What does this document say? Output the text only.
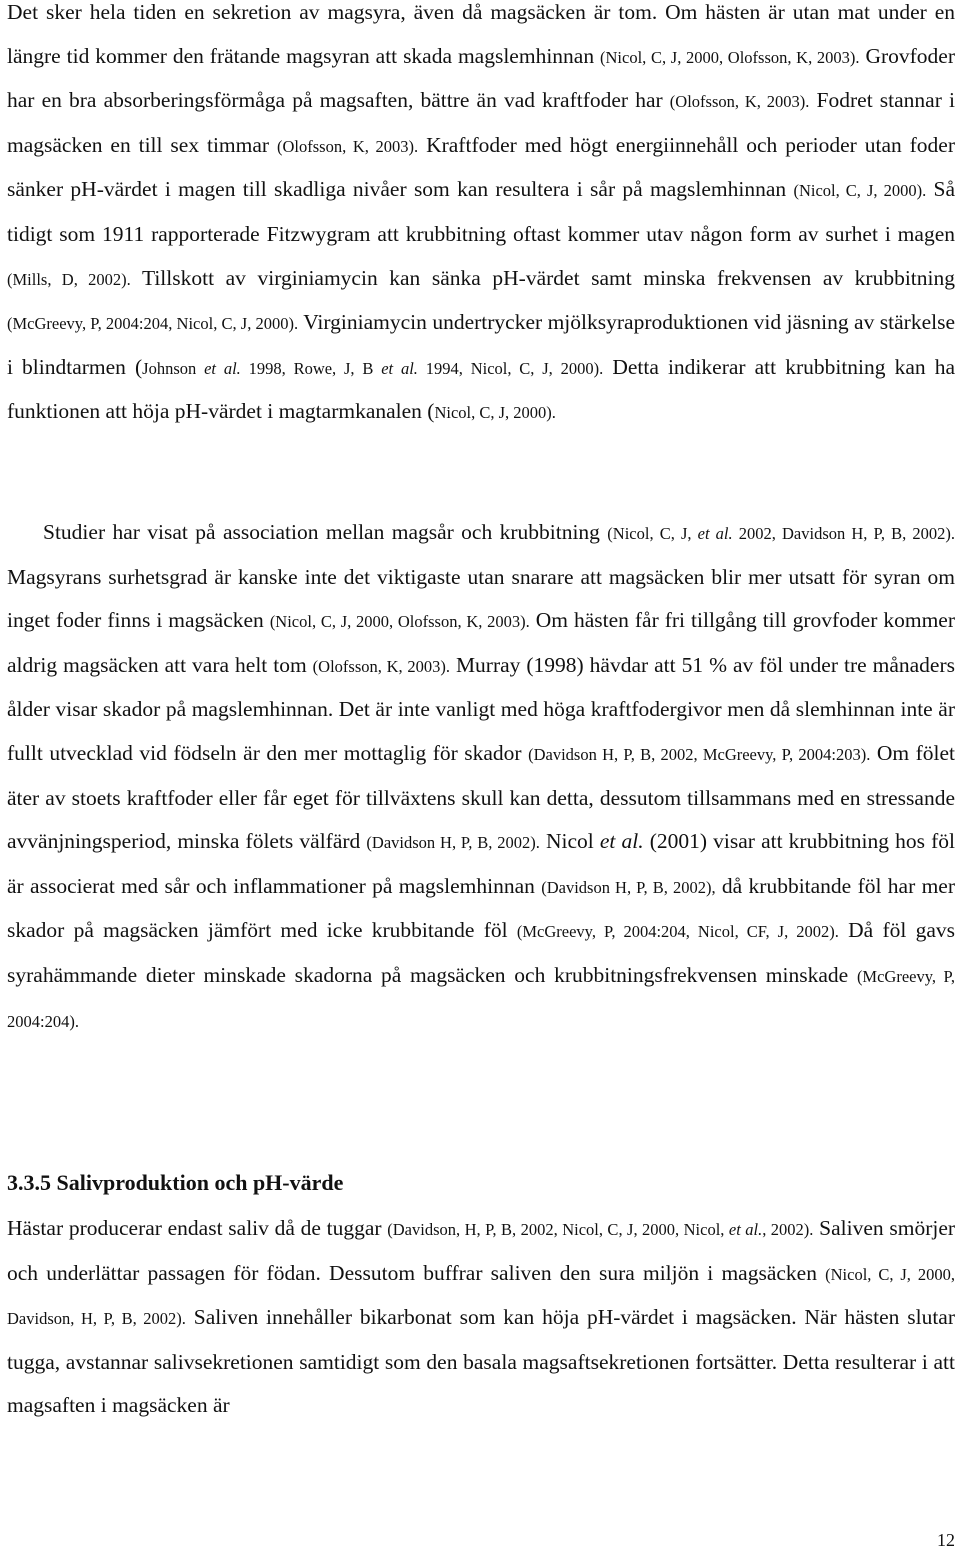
Det sker hela tiden en sekretion av magsyra, även då magsäcken är tom. Om hästen är utan mat under en längre tid kommer den frätande magsyran att skada magslemhinnan (Nicol, C, J, 2000, Olofsson, K, 2003). Grovfoder har en bra absorberingsförmåga på magsaften, bättre än vad kraftfoder har (Olofsson, K, 2003). Fodret stannar i magsäcken en till sex timmar (Olofsson, K, 2003). Kraftfoder med högt energiinnehåll och perioder utan foder sänker pH-värdet i magen till skadliga nivåer som kan resultera i sår på magslemhinnan (Nicol, C, J, 2000). Så tidigt som 1911 rapporterade Fitzwygram att krubbitning oftast kommer utav någon form av surhet i magen (Mills, D, 2002). Tillskott av virginiamycin kan sänka pH-värdet samt minska frekvensen av krubbitning (McGreevy, P, 2004:204, Nicol, C, J, 2000). Virginiamycin undertrycker mjölksyraproduktionen vid jäsning av stärkelse i blindtarmen (Johnson et al. 1998, Rowe, J, B et al. 1994, Nicol, C, J, 2000). Detta indikerar att krubbitning kan ha funktionen att höja pH-värdet i magtarmkanalen (Nicol, C, J, 2000).

Studier har visat på association mellan magsår och krubbitning (Nicol, C, J, et al. 2002, Davidson H, P, B, 2002). Magsyrans surhetsgrad är kanske inte det viktigaste utan snarare att magsäcken blir mer utsatt för syran om inget foder finns i magsäcken (Nicol, C, J, 2000, Olofsson, K, 2003). Om hästen får fri tillgång till grovfoder kommer aldrig magsäcken att vara helt tom (Olofsson, K, 2003). Murray (1998) hävdar att 51 % av föl under tre månaders ålder visar skador på magslemhinnan. Det är inte vanligt med höga kraftfodergivor men då slemhinnan inte är fullt utvecklad vid födseln är den mer mottaglig för skador (Davidson H, P, B, 2002, McGreevy, P, 2004:203). Om fölet äter av stoets kraftfoder eller får eget för tillväxtens skull kan detta, dessutom tillsammans med en stressande avvänjningsperiod, minska fölets välfärd (Davidson H, P, B, 2002). Nicol et al. (2001) visar att krubbitning hos föl är associerat med sår och inflammationer på magslemhinnan (Davidson H, P, B, 2002), då krubbitande föl har mer skador på magsäcken jämfört med icke krubbitande föl (McGreevy, P, 2004:204, Nicol, CF, J, 2002). Då föl gavs syrahämmande dieter minskade skadorna på magsäcken och krubbitningsfrekvensen minskade (McGreevy, P, 2004:204).

3.3.5 Salivproduktion och pH-värde

Hästar producerar endast saliv då de tuggar (Davidson, H, P, B, 2002, Nicol, C, J, 2000, Nicol, et al., 2002). Saliven smörjer och underlättar passagen för födan. Dessutom buffrar saliven den sura miljön i magsäcken (Nicol, C, J, 2000, Davidson, H, P, B, 2002). Saliven innehåller bikarbonat som kan höja pH-värdet i magsäcken. När hästen slutar tugga, avstannar salivsekretionen samtidigt som den basala magsaftsekretionen fortsätter. Detta resulterar i att magsaften i magsäcken är

12
